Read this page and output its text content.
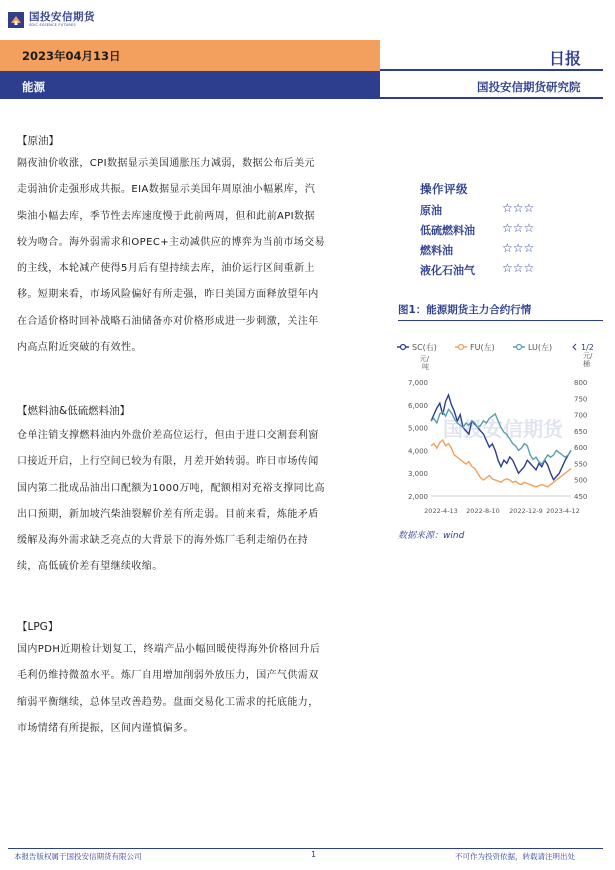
国投安信期货
SDIC ESSENCE FUTURES
2023年04月13日
能源
日报
国投安信期货研究院
【原油】
隔夜油价收涨，CPI数据显示美国通胀压力减弱，数据公布后美元
走弱油价走强形成共振。EIA数据显示美国年周原油小幅累库，汽
柴油小幅去库，季节性去库速度慢于此前两周，但和此前API数据
较为吻合。海外弱需求和OPEC+主动减供应的博弈为当前市场交易
的主线，本轮减产使得5月后有望持续去库，油价运行区间重新上
移。短期来看，市场风险偏好有所走强，昨日美国方面释放望年内
在合适价格时回补战略石油储备亦对价格形成进一步刺激，关注年
内高点附近突破的有效性。
【燃料油&低硫燃料油】
仓单注销支撑燃料油内外盘价差高位运行，但由于进口交割套利窗
口接近开启，上行空间已较为有限，月差开始转弱。昨日市场传闻
国内第二批成品油出口配额为1000万吨，配额相对充裕支撑同比高
出口预期，新加坡汽柴油裂解价差有所走弱。目前来看，炼能矛盾
缓解及海外需求缺乏亮点的大背景下的海外炼厂毛利走缩仍在持
续，高低硫价差有望继续收缩。
【LPG】
国内PDH近期检计划复工，终端产品小幅回暖使得海外价格回升后
毛利仍维持微盈水平。炼厂自用增加削弱外放压力，国产气供需双
缩弱平衡继续，总体呈改善趋势。盘面交易化工需求的托底能力，
市场情绪有所提振，区间内谨慎偏多。
操作评级
原油	☆☆☆
低硫燃料油 ☆☆☆
燃料油	☆☆☆
液化石油气 ☆☆☆
图1：能源期货主力合约行情
SC(右)	FU(左)	LU(左)	1/2
元/
吨
元/
桶
7,000
6,000
5,000
4,000
3,000
2,000
800
750
700
650
600
550
500
450
2022-4-13 2022-8-10 2022-12-9 2023-4-12
国投安信期货
数据来源：wind
本报告版权属于国投安信期货有限公司	1	不可作为投资依据，转载请注明出处
